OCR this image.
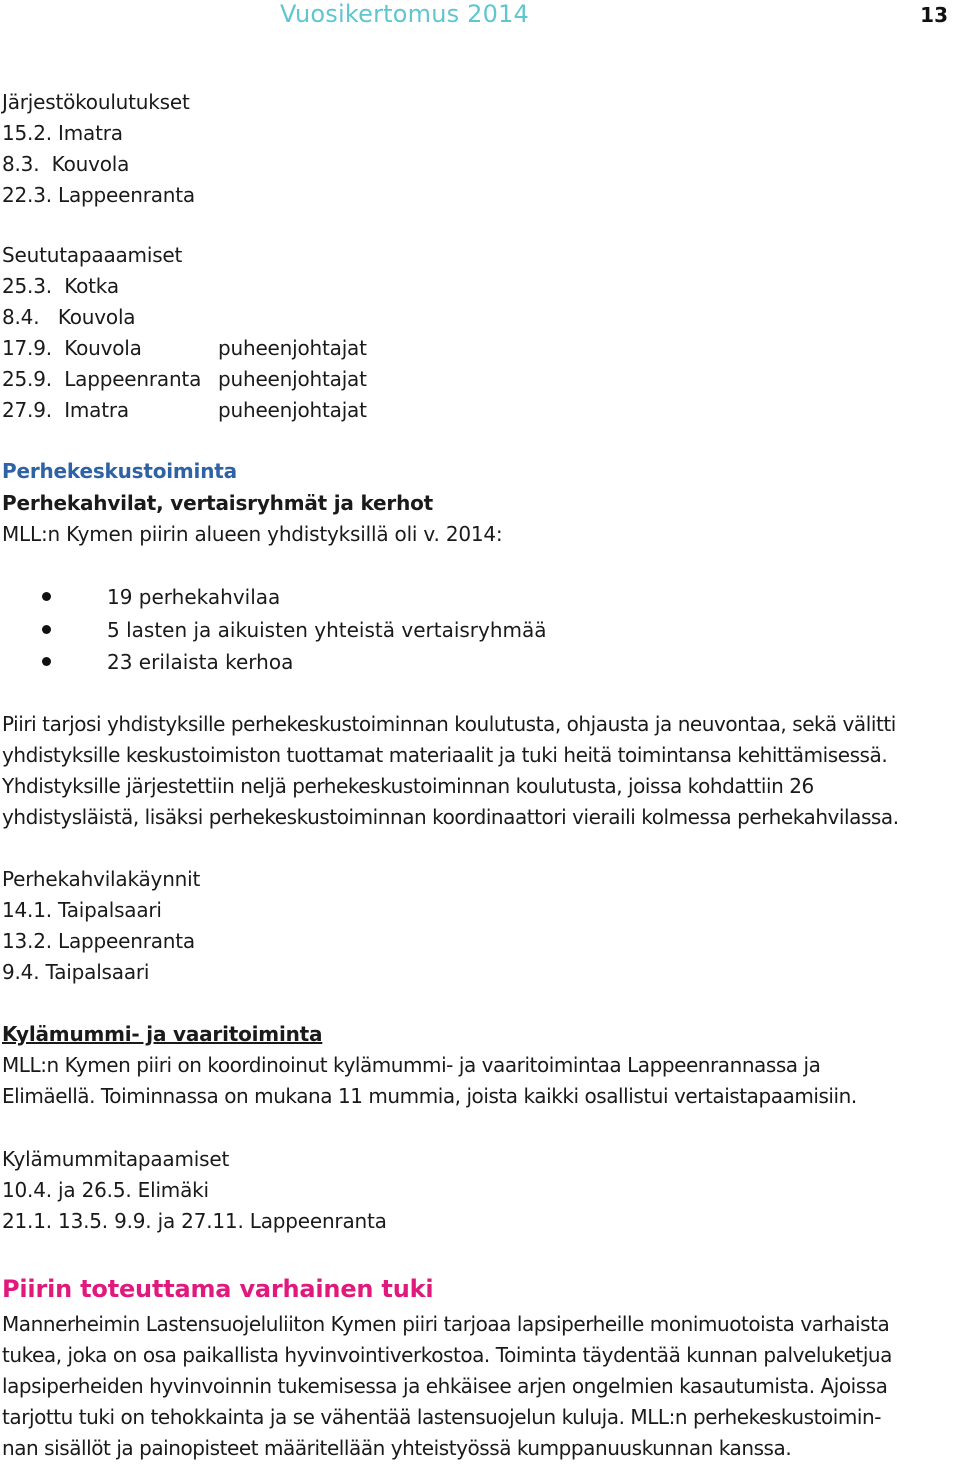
Vuosikertomus 2014	13
Järjestökoulutukset
15.2. Imatra
8.3.  Kouvola
22.3. Lappeenranta
Seututapaaamiset
25.3.  Kotka
8.4.   Kouvola
17.9.  Kouvola	puheenjohtajat
25.9.  Lappeenranta puheenjohtajat
27.9.  Imatra	puheenjohtajat
Perhekeskustoiminta
Perhekahvilat, vertaisryhmät ja kerhot
MLL:n Kymen piirin alueen yhdistyksillä oli v. 2014:
19 perhekahvilaa
5 lasten ja aikuisten yhteistä vertaisryhmää
23 erilaista kerhoa
Piiri tarjosi yhdistyksille perhekeskustoiminnan koulutusta, ohjausta ja neuvontaa, sekä välitti
yhdistyksille keskustoimiston tuottamat materiaalit ja tuki heitä toimintansa kehittämisessä.
Yhdistyksille järjestettiin neljä perhekeskustoiminnan koulutusta, joissa kohdattiin 26
yhdistysläistä, lisäksi perhekeskustoiminnan koordinaattori vieraili kolmessa perhekahvilassa.
Perhekahvilakäynnit
14.1. Taipalsaari
13.2. Lappeenranta
9.4. Taipalsaari
Kylämummi- ja vaaritoiminta
MLL:n Kymen piiri on koordinoinut kylämummi- ja vaaritoimintaa Lappeenrannassa ja
Elimäellä. Toiminnassa on mukana 11 mummia, joista kaikki osallistui vertaistapaamisiin.
Kylämummitapaamiset
10.4. ja 26.5. Elimäki
21.1. 13.5. 9.9. ja 27.11. Lappeenranta
Piirin toteuttama varhainen tuki
Mannerheimin Lastensuojeluliiton Kymen piiri tarjoaa lapsiperheille monimuotoista varhaista
tukea, joka on osa paikallista hyvinvointiverkostoa. Toiminta täydentää kunnan palveluketjua
lapsiperheiden hyvinvoinnin tukemisessa ja ehkäisee arjen ongelmien kasautumista. Ajoissa
tarjottu tuki on tehokkainta ja se vähentää lastensuojelun kuluja. MLL:n perhekeskustoimin-
nan sisällöt ja painopisteet määritellään yhteistyössä kumppanuuskunnan kanssa.
